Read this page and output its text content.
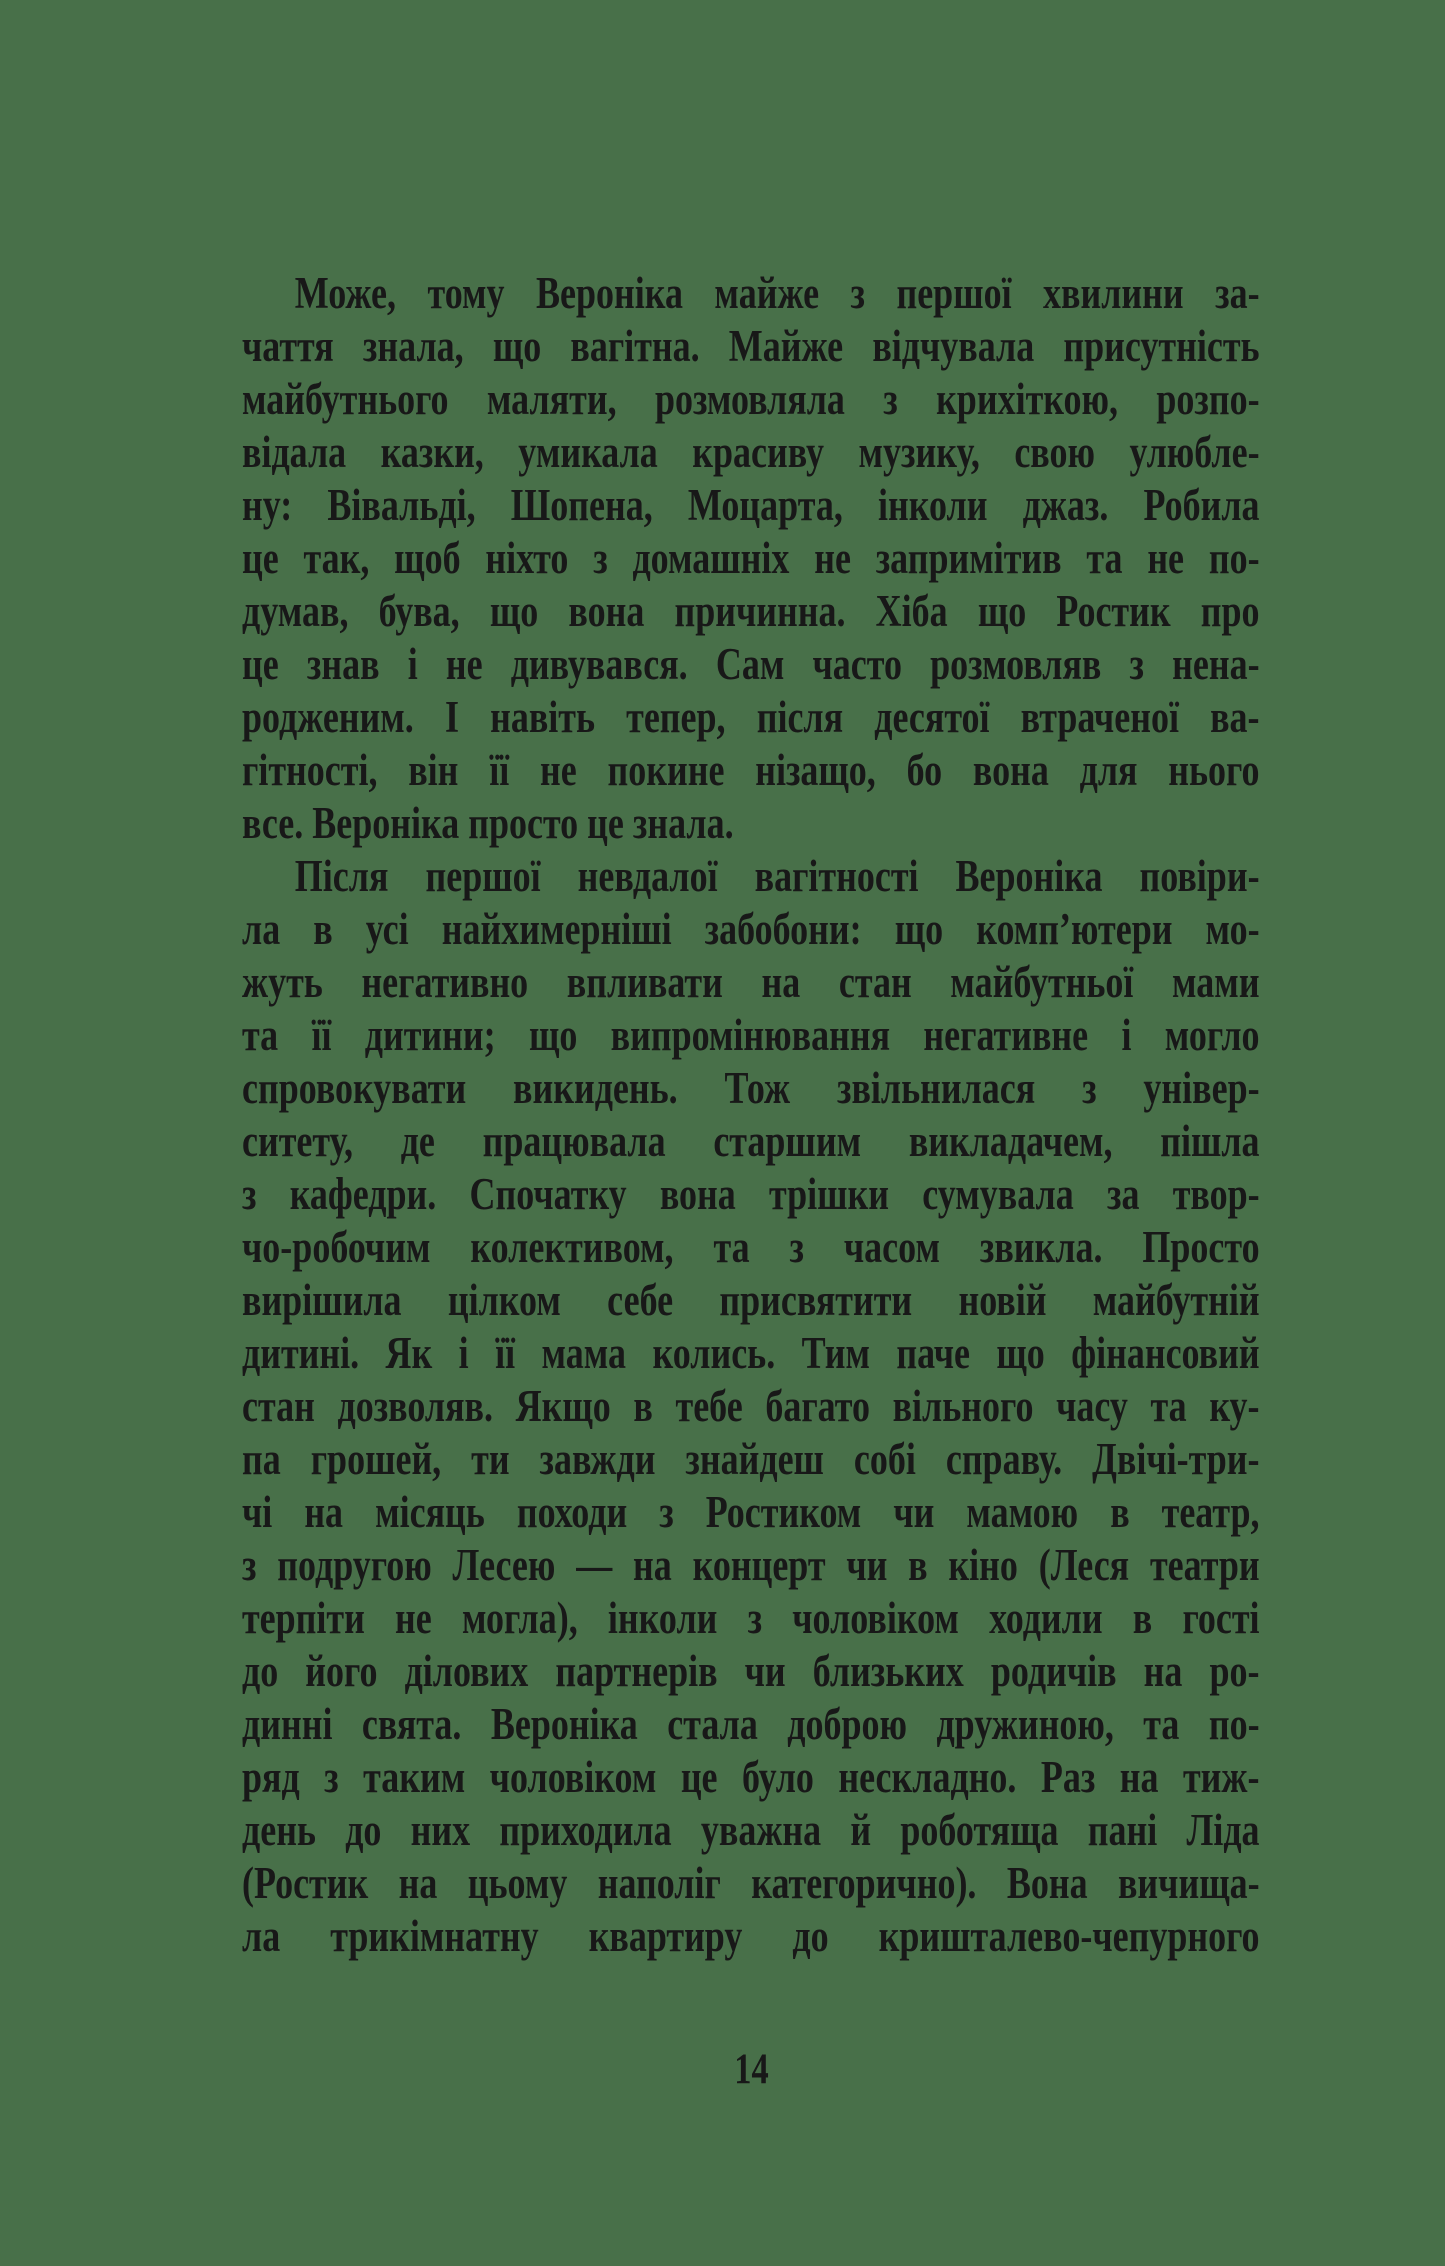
Може, тому Вероніка майже з першої хвилини за-
чаття знала, що вагітна. Майже відчувала присутність
майбутнього маляти, розмовляла з крихіткою, розпо-
відала казки, умикала красиву музику, свою улюбле-
ну: Вівальді, Шопена, Моцарта, інколи джаз. Робила
це так, щоб ніхто з домашніх не запримітив та не по-
думав, бува, що вона причинна. Хіба що Ростик про
це знав і не дивувався. Сам часто розмовляв з нена-
родженим. І навіть тепер, після десятої втраченої ва-
гітності, він її не покине нізащо, бо вона для нього
все. Вероніка просто це знала.
Після першої невдалої вагітності Вероніка повіри-
ла в усі найхимерніші забобони: що комп’ютери мо-
жуть негативно впливати на стан майбутньої мами
та її дитини; що випромінювання негативне і могло
спровокувати викидень. Тож звільнилася з універ-
ситету, де працювала старшим викладачем, пішла
з кафедри. Спочатку вона трішки сумувала за твор-
чо-робочим колективом, та з часом звикла. Просто
вирішила цілком себе присвятити новій майбутній
дитині. Як і її мама колись. Тим паче що фінансовий
стан дозволяв. Якщо в тебе багато вільного часу та ку-
па грошей, ти завжди знайдеш собі справу. Двічі-три-
чі на місяць походи з Ростиком чи мамою в театр,
з подругою Лесею — на концерт чи в кіно (Леся театри
терпіти не могла), інколи з чоловіком ходили в гості
до його ділових партнерів чи близьких родичів на ро-
динні свята. Вероніка стала доброю дружиною, та по-
ряд з таким чоловіком це було нескладно. Раз на тиж-
день до них приходила уважна й роботяща пані Ліда
(Ростик на цьому наполіг категорично). Вона вичища-
ла трикімнатну квартиру до кришталево-чепурного
14
